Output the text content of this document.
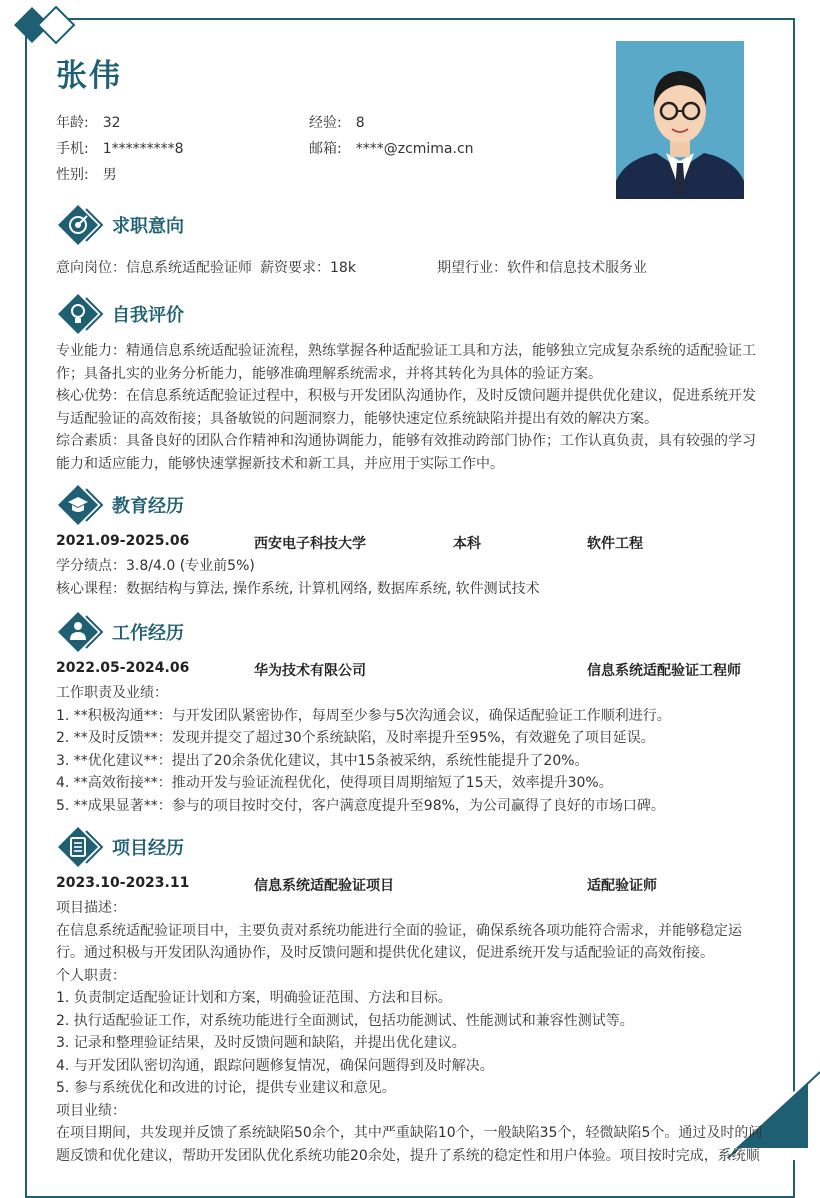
张伟
年龄: 32	经验: 8
手机: 1*********8	邮箱: ****@zcmima.cn
性别: 男
求职意向
意向岗位：信息系统适配验证师 薪资要求：18k	期望行业：软件和信息技术服务业
自我评价

专业能力：精通信息系统适配验证流程，熟练掌握各种适配验证工具和方法，能够独立完成复杂系统的适配验证工

作；具备扎实的业务分析能力，能够准确理解系统需求，并将其转化为具体的验证方案。

核心优势：在信息系统适配验证过程中，积极与开发团队沟通协作，及时反馈问题并提供优化建议，促进系统开发

与适配验证的高效衔接；具备敏锐的问题洞察力，能够快速定位系统缺陷并提出有效的解决方案。

综合素质：具备良好的团队合作精神和沟通协调能力，能够有效推动跨部门协作；工作认真负责，具有较强的学习

能力和适应能力，能够快速掌握新技术和新工具，并应用于实际工作中。

教育经历
2021.09-2025.06	西安电子科技大学	本科	软件工程

学分绩点：3.8/4.0 (专业前5%)

核心课程：数据结构与算法, 操作系统, 计算机网络, 数据库系统, 软件测试技术

工作经历
2022.05-2024.06	华为技术有限公司	信息系统适配验证工程师

工作职责及业绩：

1. **积极沟通**：与开发团队紧密协作，每周至少参与5次沟通会议，确保适配验证工作顺利进行。

2. **及时反馈**：发现并提交了超过30个系统缺陷，及时率提升至95%，有效避免了项目延误。

3. **优化建议**：提出了20余条优化建议，其中15条被采纳，系统性能提升了20%。

4. **高效衔接**：推动开发与验证流程优化，使得项目周期缩短了15天，效率提升30%。

5. **成果显著**：参与的项目按时交付，客户满意度提升至98%，为公司赢得了良好的市场口碑。

项目经历
2023.10-2023.11	信息系统适配验证项目	适配验证师

项目描述：

在信息系统适配验证项目中，主要负责对系统功能进行全面的验证，确保系统各项功能符合需求，并能够稳定运

行。通过积极与开发团队沟通协作，及时反馈问题和提供优化建议，促进系统开发与适配验证的高效衔接。

个人职责：

1. 负责制定适配验证计划和方案，明确验证范围、方法和目标。

2. 执行适配验证工作，对系统功能进行全面测试，包括功能测试、性能测试和兼容性测试等。

3. 记录和整理验证结果，及时反馈问题和缺陷，并提出优化建议。

4. 与开发团队密切沟通，跟踪问题修复情况，确保问题得到及时解决。

5. 参与系统优化和改进的讨论，提供专业建议和意见。

项目业绩：

在项目期间，共发现并反馈了系统缺陷50余个，其中严重缺陷10个，一般缺陷35个，轻微缺陷5个。通过及时的问

题反馈和优化建议，帮助开发团队优化系统功能20余处，提升了系统的稳定性和用户体验。项目按时完成，系统顺
